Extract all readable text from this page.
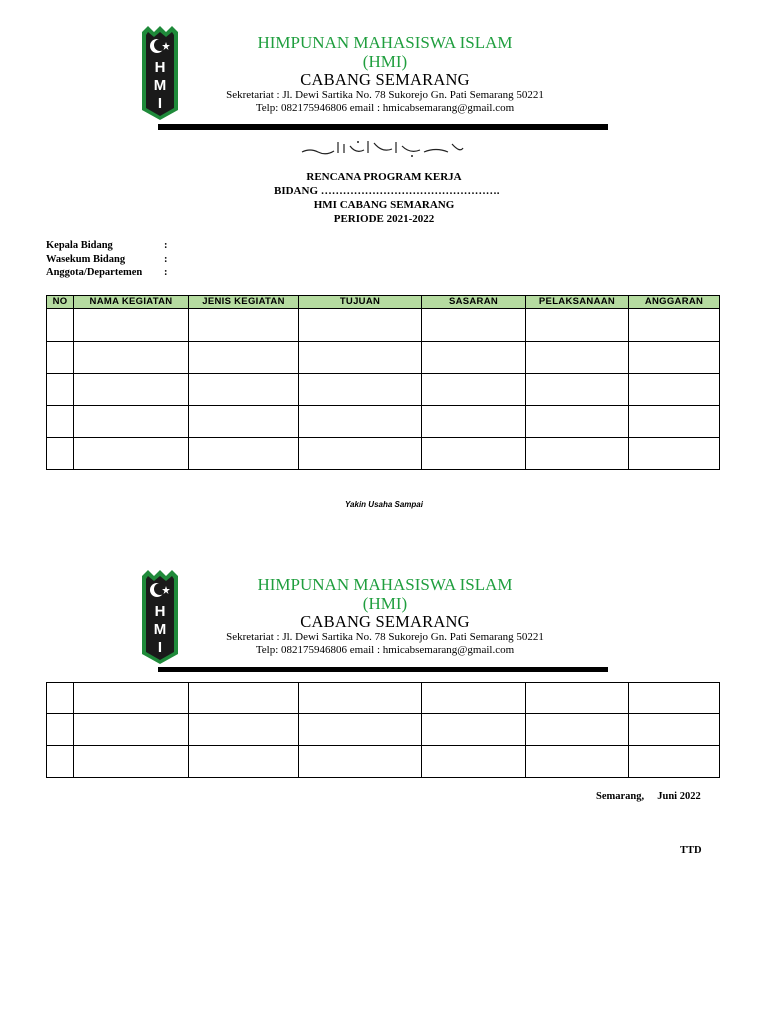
H
M
I
HIMPUNAN MAHASISWA ISLAM
(HMI)
CABANG SEMARANG
Sekretariat : Jl. Dewi Sartika No. 78 Sukorejo Gn. Pati Semarang 50221
Telp: 082175946806 email : hmicabsemarang@gmail.com
RENCANA PROGRAM KERJA
BIDANG ………………………………………….
HMI CABANG SEMARANG
PERIODE 2021-2022
Kepala Bidang	:
Wasekum Bidang	:
Anggota/Departemen :
NO	NAMA KEGIATAN	JENIS KEGIATAN	TUJUAN	SASARAN	PELAKSANAAN	ANGGARAN

Yakin Usaha Sampai
H
M
I
HIMPUNAN MAHASISWA ISLAM
(HMI)
CABANG SEMARANG
Sekretariat : Jl. Dewi Sartika No. 78 Sukorejo Gn. Pati Semarang 50221
Telp: 082175946806 email : hmicabsemarang@gmail.com

Semarang,     Juni 2022
TTD
